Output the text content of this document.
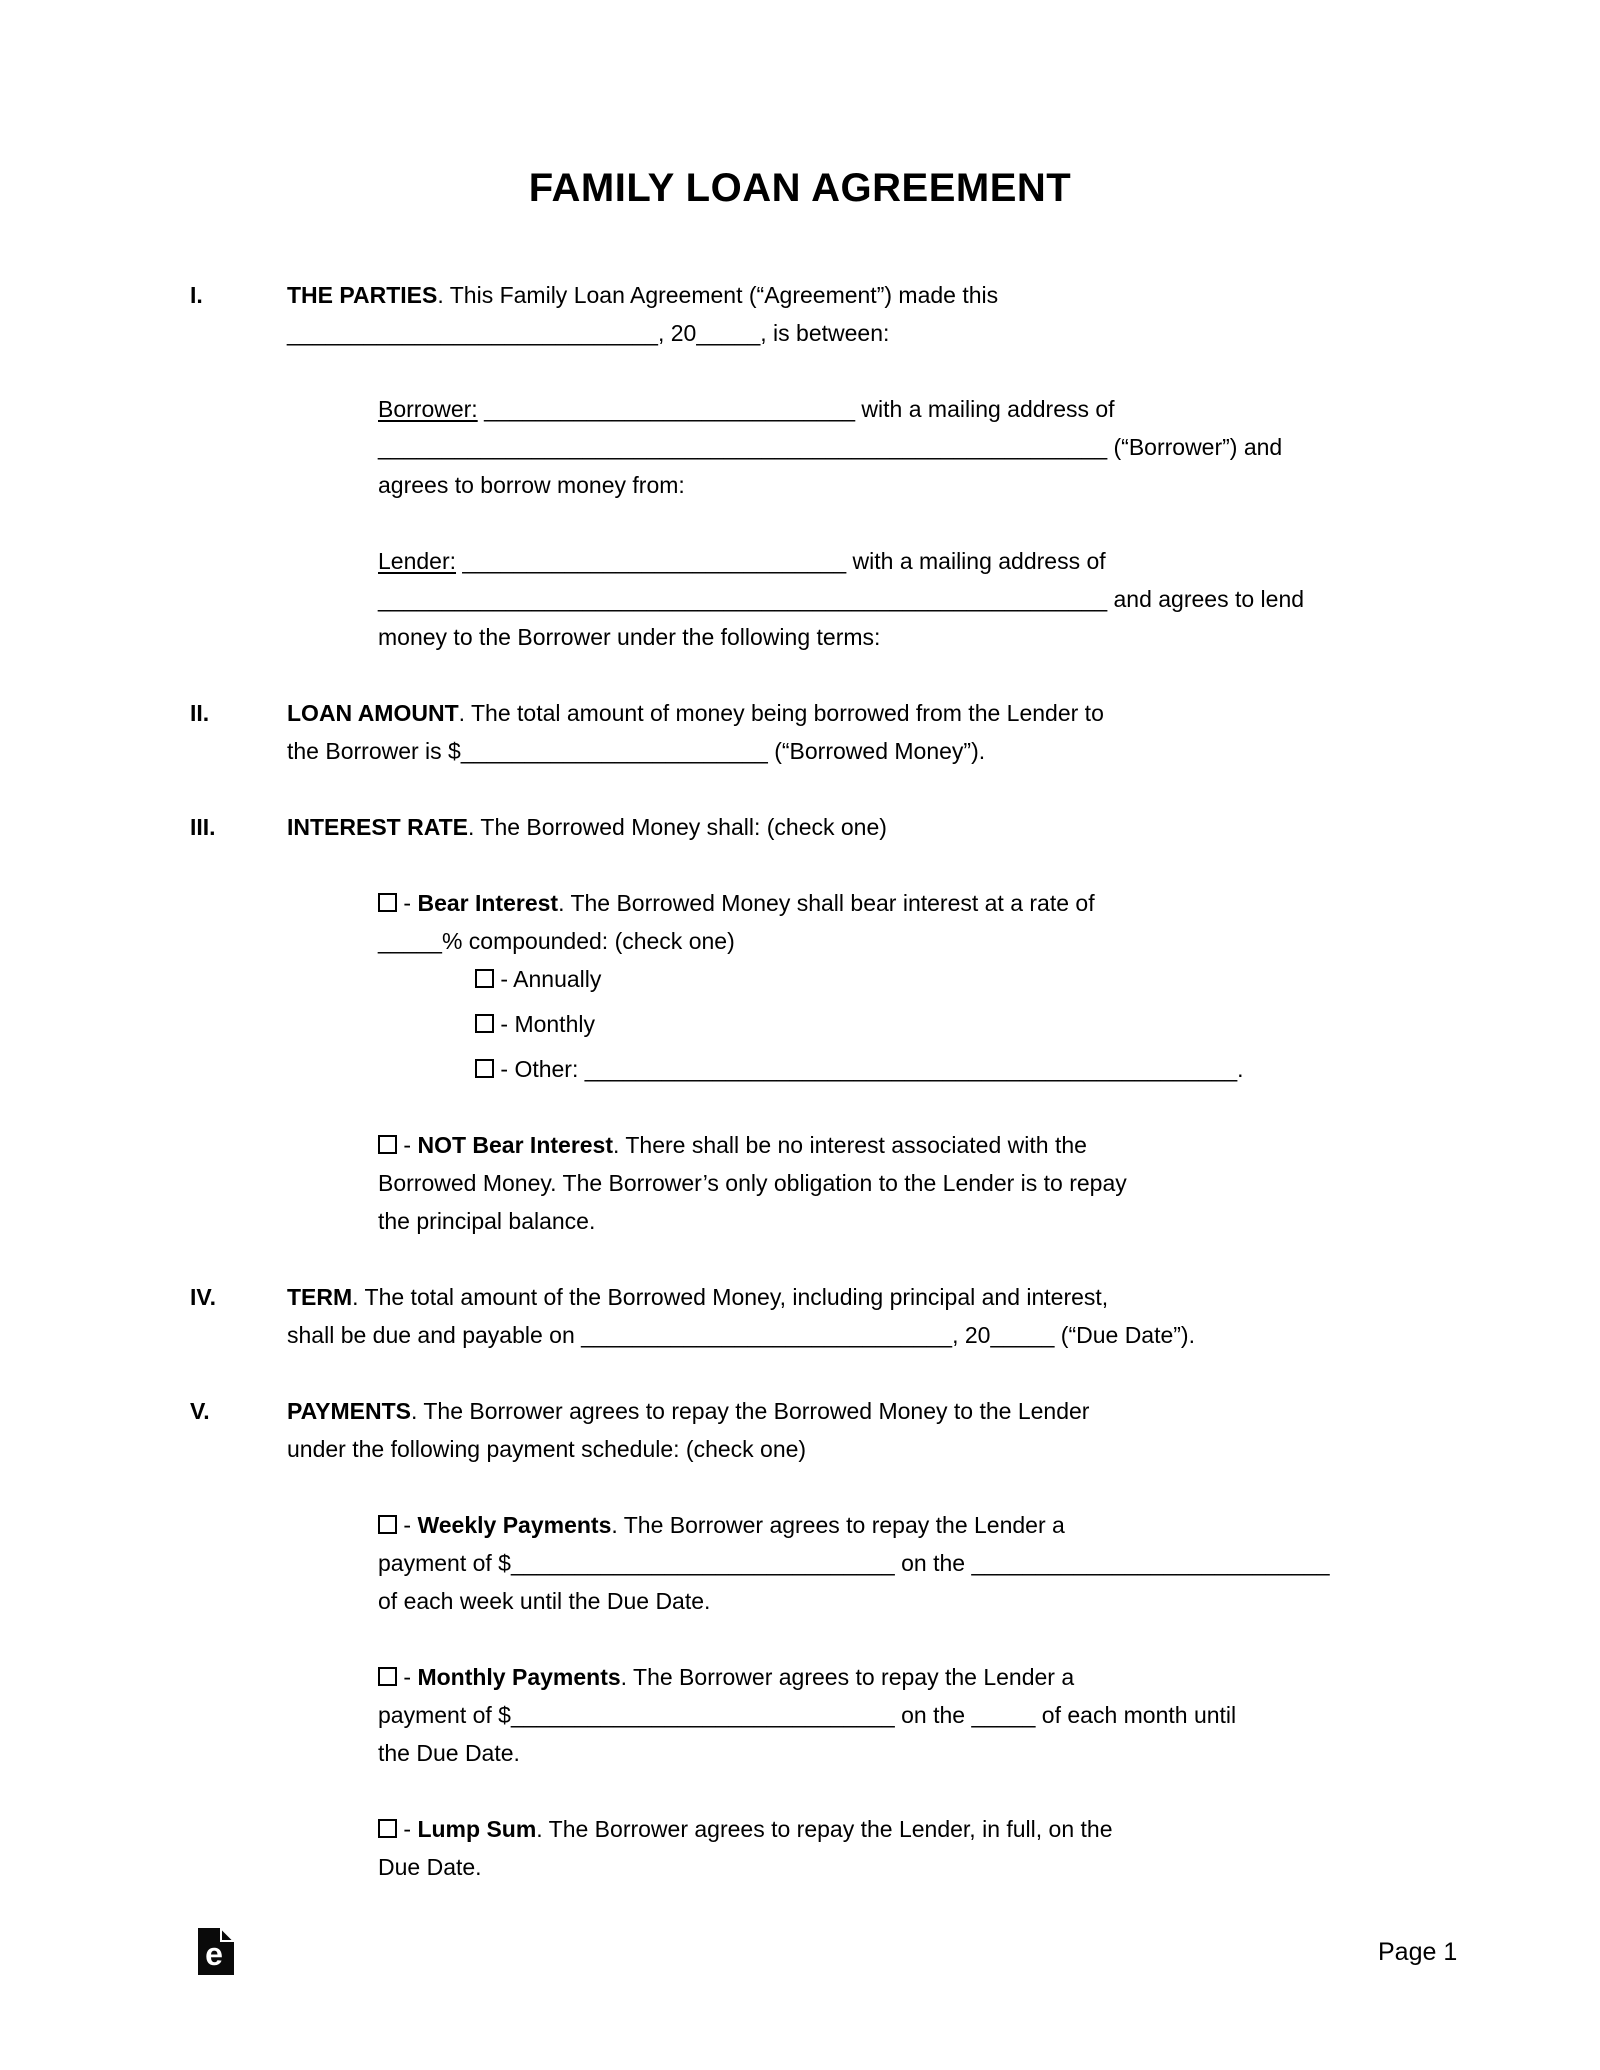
FAMILY LOAN AGREEMENT
I.	THE PARTIES. This Family Loan Agreement (“Agreement”) made this
_____________________________, 20_____, is between:
Borrower: _____________________________ with a mailing address of
_________________________________________________________ (“Borrower”) and
agrees to borrow money from:
Lender: ______________________________ with a mailing address of
_________________________________________________________ and agrees to lend
money to the Borrower under the following terms:
II.	LOAN AMOUNT. The total amount of money being borrowed from the Lender to
the Borrower is $________________________ (“Borrowed Money”).
III.	INTEREST RATE. The Borrowed Money shall: (check one)
- Bear Interest. The Borrowed Money shall bear interest at a rate of
_____% compounded: (check one)
- Annually
- Monthly
- Other: ___________________________________________________.
- NOT Bear Interest. There shall be no interest associated with the
Borrowed Money. The Borrower’s only obligation to the Lender is to repay
the principal balance.
IV.	TERM. The total amount of the Borrowed Money, including principal and interest,
shall be due and payable on _____________________________, 20_____ (“Due Date”).
V.	PAYMENTS. The Borrower agrees to repay the Borrowed Money to the Lender
under the following payment schedule: (check one)
- Weekly Payments. The Borrower agrees to repay the Lender a
payment of $______________________________ on the ____________________________
of each week until the Due Date.
- Monthly Payments. The Borrower agrees to repay the Lender a
payment of $______________________________ on the _____ of each month until
the Due Date.
- Lump Sum. The Borrower agrees to repay the Lender, in full, on the
Due Date.
e	Page 1
